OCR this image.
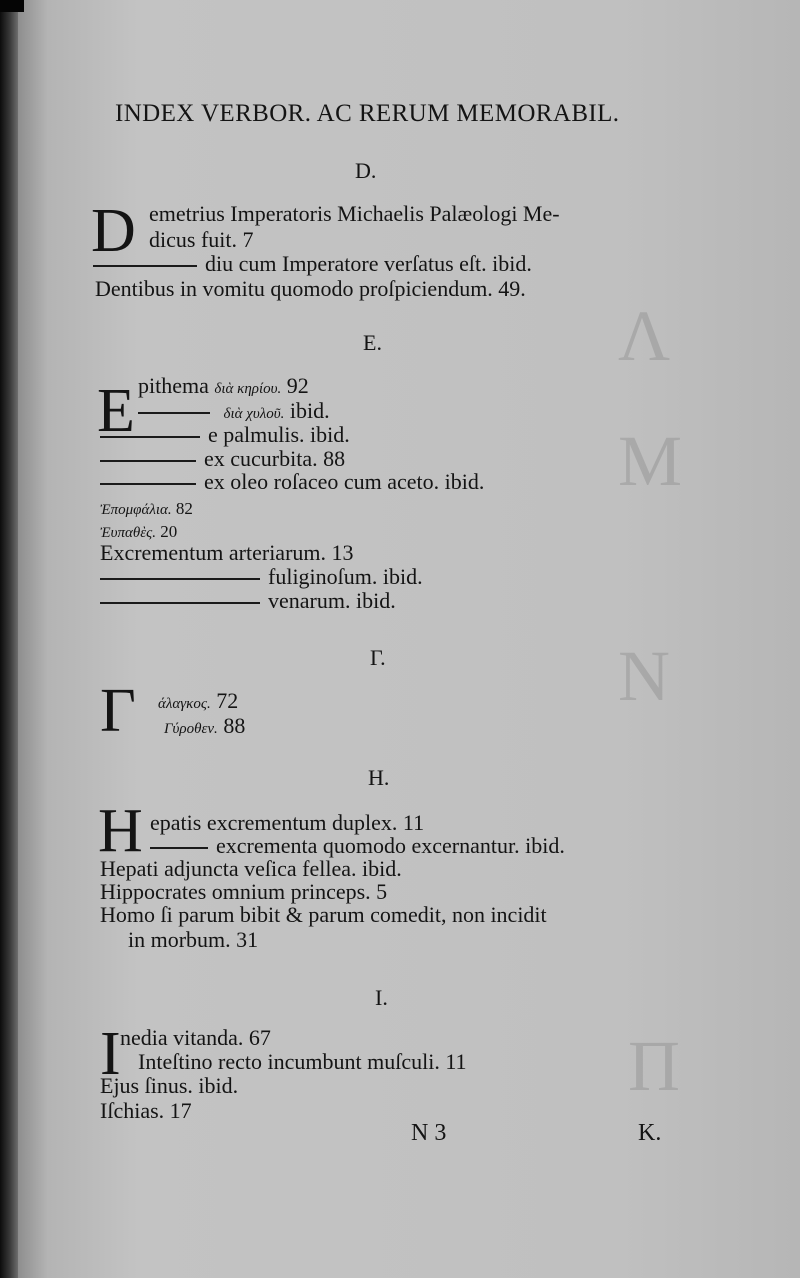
Λ
M
N
Π
INDEX VERBOR. AC RERUM MEMORABIL.
D.
D emetrius Imperatoris Michaelis Palæologi Me-
dicus fuit. 7
diu cum Imperatore verſatus eſt. ibid.
Dentibus in vomitu quomodo proſpiciendum. 49.
E.
E pithema διὰ κηρίου. 92
διὰ χυλοῦ. ibid.
e palmulis. ibid.
ex cucurbita. 88
ex oleo roſaceo cum aceto. ibid.
Ἐπομφάλια. 82
Ἐυπαθὲς. 20
Excrementum arteriarum. 13
fuliginoſum. ibid.
venarum. ibid.
Γ.
Γ άλαγκος. 72
Γύροθεν. 88
H.
H epatis excrementum duplex. 11
excrementa quomodo excernantur. ibid.
Hepati adjuncta veſica fellea. ibid.
Hippocrates omnium princeps. 5
Homo ſi parum bibit & parum comedit, non incidit
in morbum. 31
I.
I nedia vitanda. 67
Inteſtino recto incumbunt muſculi. 11
Ejus ſinus. ibid.
Iſchias. 17
N 3	K.
